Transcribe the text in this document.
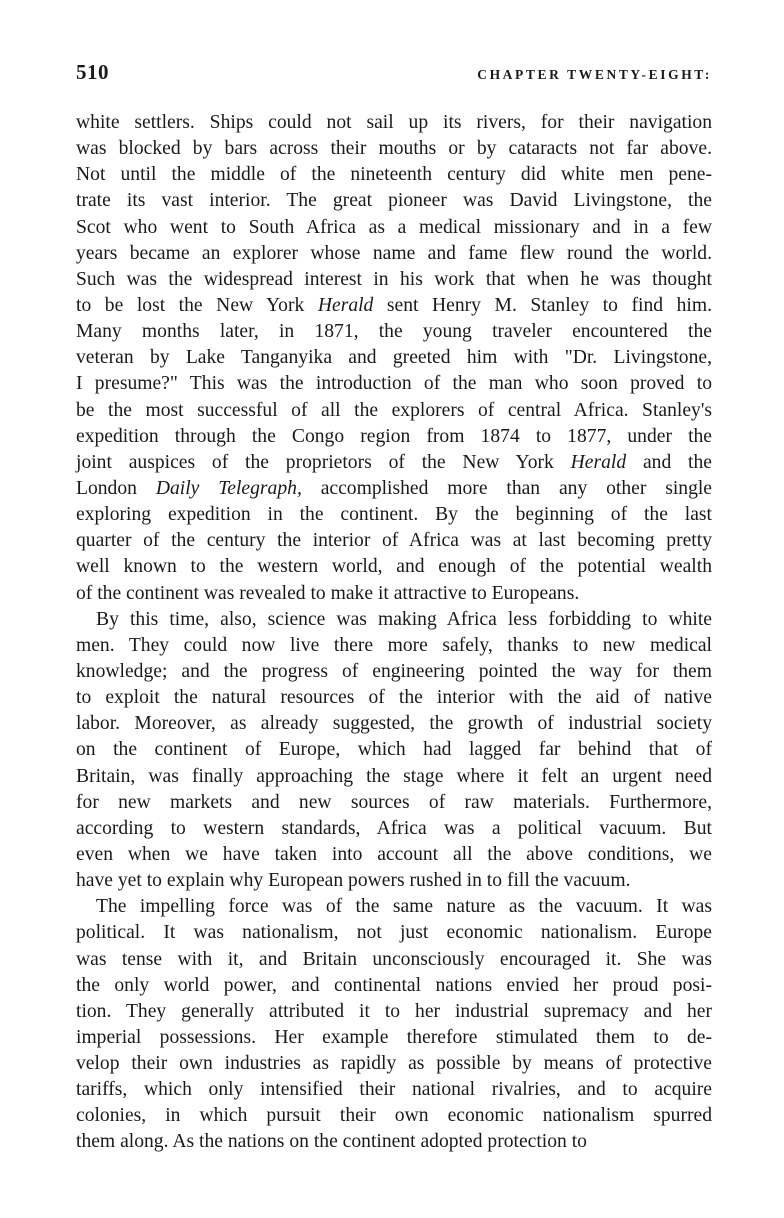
510	CHAPTER TWENTY-EIGHT:
white settlers. Ships could not sail up its rivers, for their navigation
was blocked by bars across their mouths or by cataracts not far above.
Not until the middle of the nineteenth century did white men pene-
trate its vast interior. The great pioneer was David Livingstone, the
Scot who went to South Africa as a medical missionary and in a few
years became an explorer whose name and fame flew round the world.
Such was the widespread interest in his work that when he was thought
to be lost the New York Herald sent Henry M. Stanley to find him.
Many months later, in 1871, the young traveler encountered the
veteran by Lake Tanganyika and greeted him with "Dr. Livingstone,
I presume?" This was the introduction of the man who soon proved to
be the most successful of all the explorers of central Africa. Stanley's
expedition through the Congo region from 1874 to 1877, under the
joint auspices of the proprietors of the New York Herald and the
London Daily Telegraph, accomplished more than any other single
exploring expedition in the continent. By the beginning of the last
quarter of the century the interior of Africa was at last becoming pretty
well known to the western world, and enough of the potential wealth
of the continent was revealed to make it attractive to Europeans.
By this time, also, science was making Africa less forbidding to white
men. They could now live there more safely, thanks to new medical
knowledge; and the progress of engineering pointed the way for them
to exploit the natural resources of the interior with the aid of native
labor. Moreover, as already suggested, the growth of industrial society
on the continent of Europe, which had lagged far behind that of
Britain, was finally approaching the stage where it felt an urgent need
for new markets and new sources of raw materials. Furthermore,
according to western standards, Africa was a political vacuum. But
even when we have taken into account all the above conditions, we
have yet to explain why European powers rushed in to fill the vacuum.
The impelling force was of the same nature as the vacuum. It was
political. It was nationalism, not just economic nationalism. Europe
was tense with it, and Britain unconsciously encouraged it. She was
the only world power, and continental nations envied her proud posi-
tion. They generally attributed it to her industrial supremacy and her
imperial possessions. Her example therefore stimulated them to de-
velop their own industries as rapidly as possible by means of protective
tariffs, which only intensified their national rivalries, and to acquire
colonies, in which pursuit their own economic nationalism spurred
them along. As the nations on the continent adopted protection to
